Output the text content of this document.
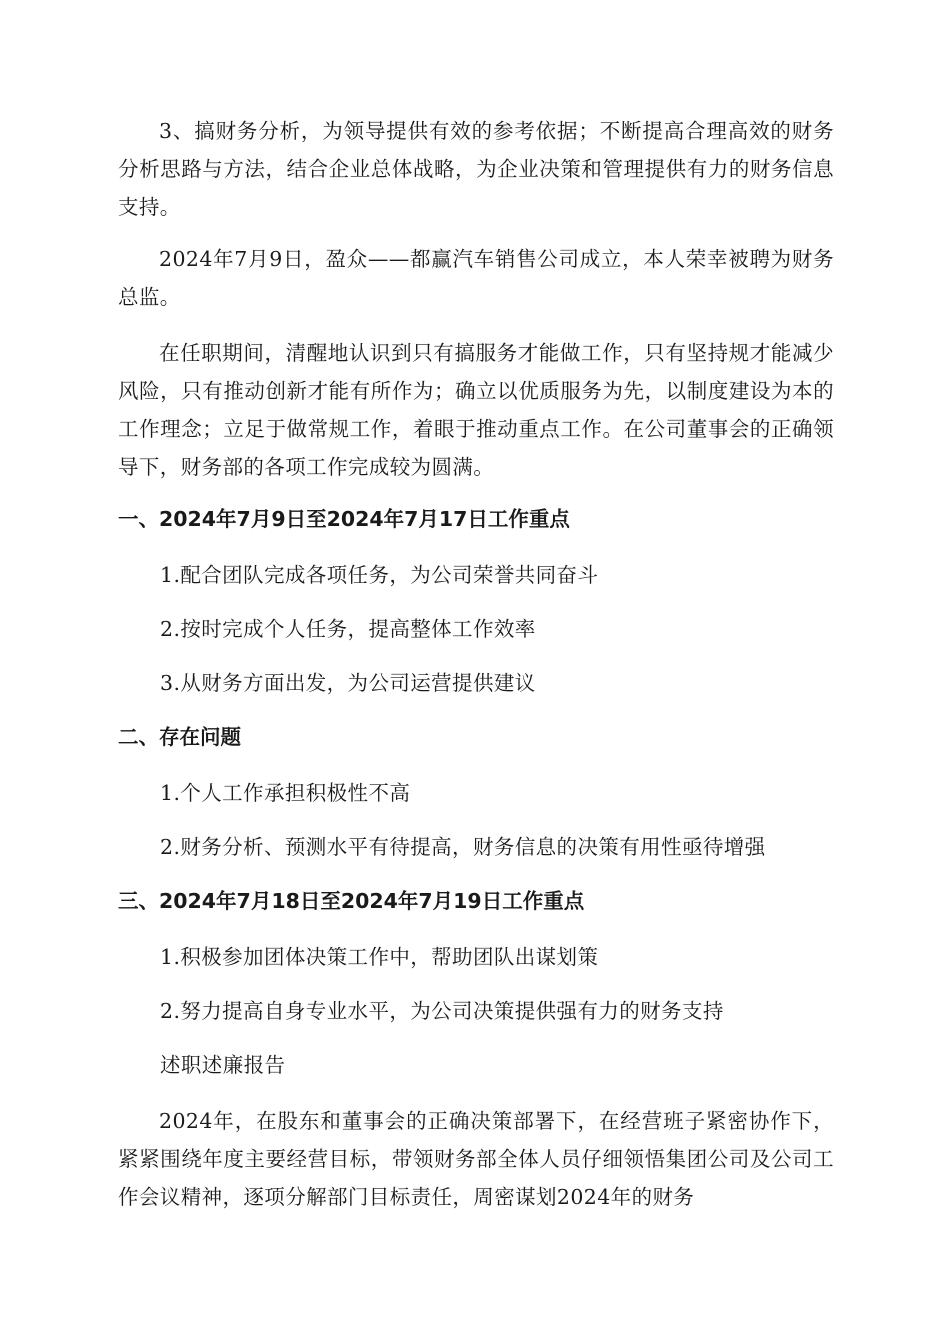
3、搞财务分析，为领导提供有效的参考依据；不断提高合理高效的财务分析思路与方法，结合企业总体战略，为企业决策和管理提供有力的财务信息支持。

2024年7月9日，盈众——都赢汽车销售公司成立，本人荣幸被聘为财务总监。

在任职期间，清醒地认识到只有搞服务才能做工作，只有坚持规才能减少风险，只有推动创新才能有所作为；确立以优质服务为先，以制度建设为本的工作理念；立足于做常规工作，着眼于推动重点工作。在公司董事会的正确领导下，财务部的各项工作完成较为圆满。

一、2024年7月9日至2024年7月17日工作重点

1.配合团队完成各项任务，为公司荣誉共同奋斗

2.按时完成个人任务，提高整体工作效率

3.从财务方面出发，为公司运营提供建议

二、存在问题

1.个人工作承担积极性不高

2.财务分析、预测水平有待提高，财务信息的决策有用性亟待增强

三、2024年7月18日至2024年7月19日工作重点

1.积极参加团体决策工作中，帮助团队出谋划策

2.努力提高自身专业水平，为公司决策提供强有力的财务支持

述职述廉报告

2024年，在股东和董事会的正确决策部署下，在经营班子紧密协作下，紧紧围绕年度主要经营目标，带领财务部全体人员仔细领悟集团公司及公司工作会议精神，逐项分解部门目标责任，周密谋划2024年的财务
